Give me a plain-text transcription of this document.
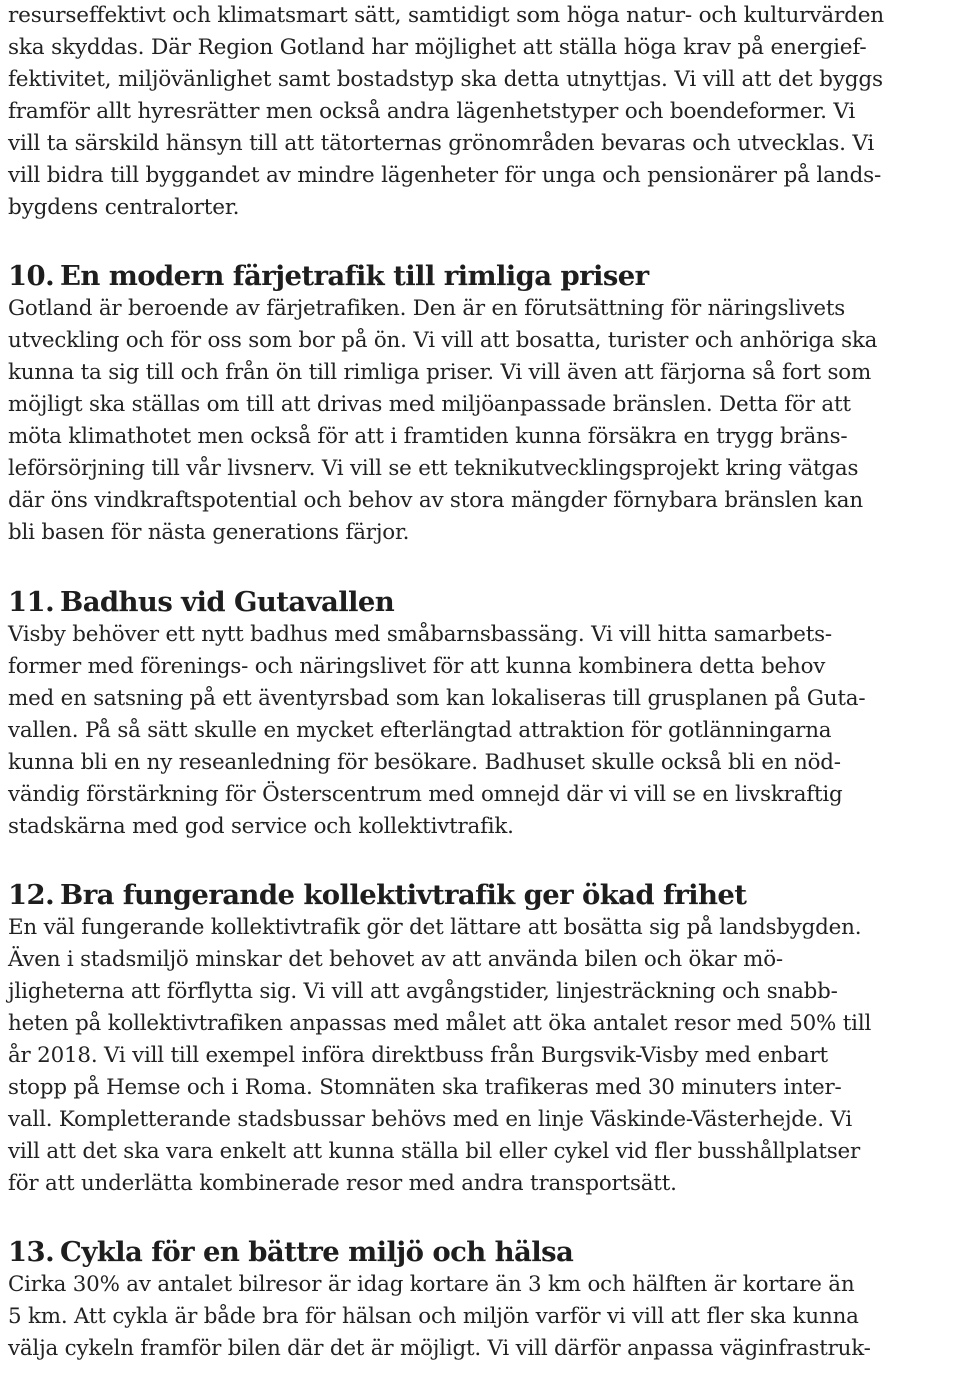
resurseffektivt och klimatsmart sätt, samtidigt som höga natur- och kulturvärden
ska skyddas. Där Region Gotland har möjlighet att ställa höga krav på energief-
fektivitet, miljövänlighet samt bostadstyp ska detta utnyttjas. Vi vill att det byggs
framför allt hyresrätter men också andra lägenhetstyper och boendeformer. Vi
vill ta särskild hänsyn till att tätorternas grönområden bevaras och utvecklas. Vi
vill bidra till byggandet av mindre lägenheter för unga och pensionärer på lands-
bygdens centralorter.
10. En modern färjetrafik till rimliga priser
Gotland är beroende av färjetrafiken. Den är en förutsättning för näringslivets
utveckling och för oss som bor på ön. Vi vill att bosatta, turister och anhöriga ska
kunna ta sig till och från ön till rimliga priser. Vi vill även att färjorna så fort som
möjligt ska ställas om till att drivas med miljöanpassade bränslen. Detta för att
möta klimathotet men också för att i framtiden kunna försäkra en trygg bräns-
leförsörjning till vår livsnerv. Vi vill se ett teknikutvecklingsprojekt kring vätgas
där öns vindkraftspotential och behov av stora mängder förnybara bränslen kan
bli basen för nästa generations färjor.
11. Badhus vid Gutavallen
Visby behöver ett nytt badhus med småbarnsbassäng. Vi vill hitta samarbets-
former med förenings- och näringslivet för att kunna kombinera detta behov
med en satsning på ett äventyrsbad som kan lokaliseras till grusplanen på Guta-
vallen. På så sätt skulle en mycket efterlängtad attraktion för gotlänningarna
kunna bli en ny reseanledning för besökare. Badhuset skulle också bli en nöd-
vändig förstärkning för Österscentrum med omnejd där vi vill se en livskraftig
stadskärna med god service och kollektivtrafik.
12. Bra fungerande kollektivtrafik ger ökad frihet
En väl fungerande kollektivtrafik gör det lättare att bosätta sig på landsbygden.
Även i stadsmiljö minskar det behovet av att använda bilen och ökar mö-
jligheterna att förflytta sig. Vi vill att avgångstider, linjesträckning och snabb-
heten på kollektivtrafiken anpassas med målet att öka antalet resor med 50% till
år 2018. Vi vill till exempel införa direktbuss från Burgsvik-Visby med enbart
stopp på Hemse och i Roma. Stomnäten ska trafikeras med 30 minuters inter-
vall. Kompletterande stadsbussar behövs med en linje Väskinde-Västerhejde. Vi
vill att det ska vara enkelt att kunna ställa bil eller cykel vid fler busshållplatser
för att underlätta kombinerade resor med andra transportsätt.
13. Cykla för en bättre miljö och hälsa
Cirka 30% av antalet bilresor är idag kortare än 3 km och hälften är kortare än
5 km. Att cykla är både bra för hälsan och miljön varför vi vill att fler ska kunna
välja cykeln framför bilen där det är möjligt. Vi vill därför anpassa väginfrastruk-
